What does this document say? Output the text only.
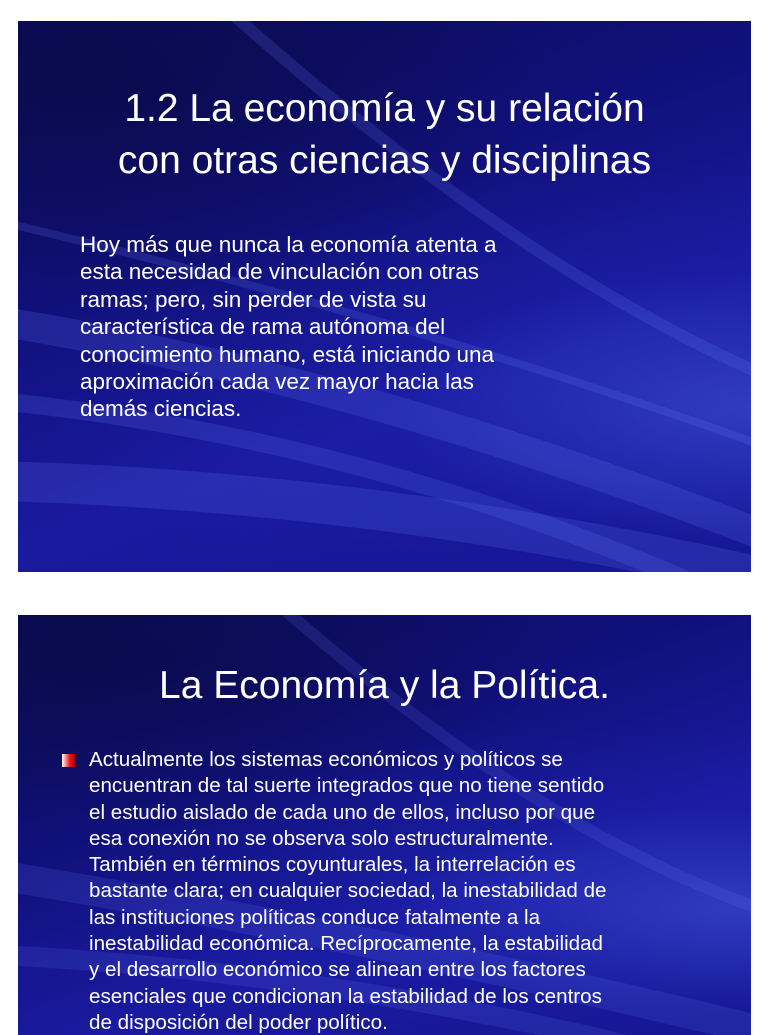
1.2 La economía y su relación
con otras ciencias y disciplinas

Hoy más que nunca la economía atenta a
esta necesidad de vinculación con otras
ramas; pero, sin perder de vista su
característica de rama autónoma del
conocimiento humano, está iniciando una
aproximación cada vez mayor hacia las
demás ciencias.

La Economía y la Política.

Actualmente los sistemas económicos y políticos se
encuentran de tal suerte integrados que no tiene sentido
el estudio aislado de cada uno de ellos, incluso por que
esa conexión no se observa solo estructuralmente.
También en términos coyunturales, la interrelación es
bastante clara; en cualquier sociedad, la inestabilidad de
las instituciones políticas conduce fatalmente a la
inestabilidad económica. Recíprocamente, la estabilidad
y el desarrollo económico se alinean entre los factores
esenciales que condicionan la estabilidad de los centros
de disposición del poder político.
